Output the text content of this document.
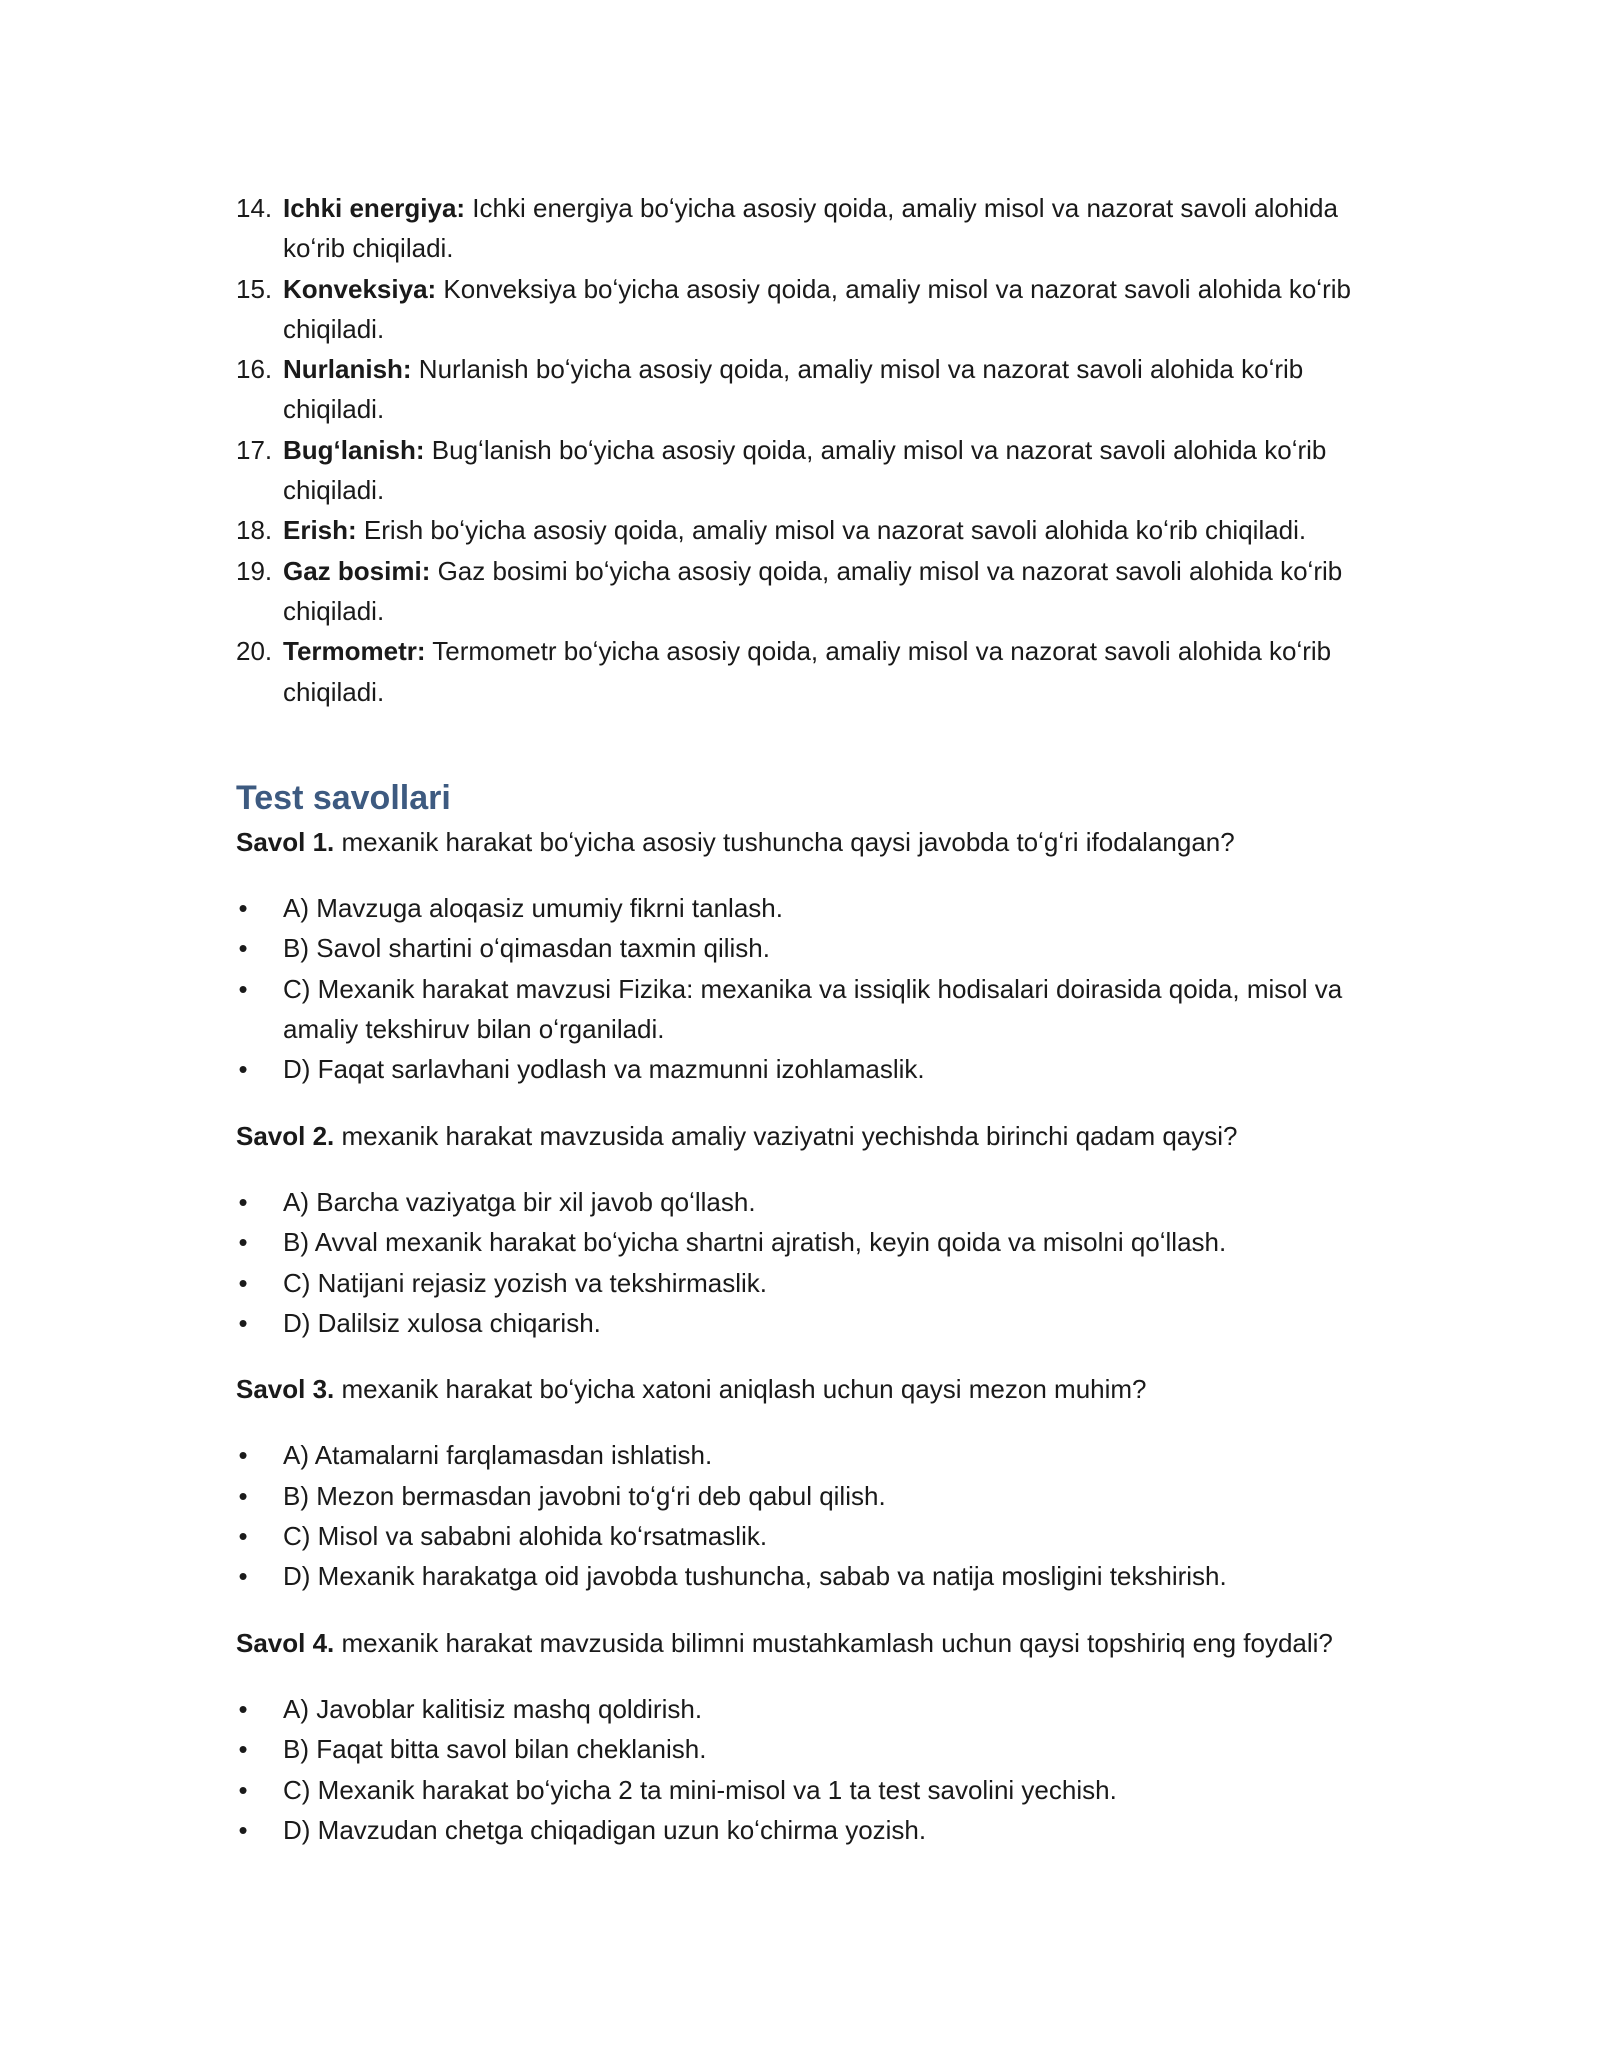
14. Ichki energiya: Ichki energiya boʻyicha asosiy qoida, amaliy misol va nazorat savoli alohida koʻrib chiqiladi.
15. Konveksiya: Konveksiya boʻyicha asosiy qoida, amaliy misol va nazorat savoli alohida koʻrib chiqiladi.
16. Nurlanish: Nurlanish boʻyicha asosiy qoida, amaliy misol va nazorat savoli alohida koʻrib chiqiladi.
17. Bugʻlanish: Bugʻlanish boʻyicha asosiy qoida, amaliy misol va nazorat savoli alohida koʻrib chiqiladi.
18. Erish: Erish boʻyicha asosiy qoida, amaliy misol va nazorat savoli alohida koʻrib chiqiladi.
19. Gaz bosimi: Gaz bosimi boʻyicha asosiy qoida, amaliy misol va nazorat savoli alohida koʻrib chiqiladi.
20. Termometr: Termometr boʻyicha asosiy qoida, amaliy misol va nazorat savoli alohida koʻrib chiqiladi.
Test savollari

Savol 1. mexanik harakat boʻyicha asosiy tushuncha qaysi javobda toʻgʻri ifodalangan?

• A) Mavzuga aloqasiz umumiy fikrni tanlash.
• B) Savol shartini oʻqimasdan taxmin qilish.
• C) Mexanik harakat mavzusi Fizika: mexanika va issiqlik hodisalari doirasida qoida, misol va amaliy tekshiruv bilan oʻrganiladi.
• D) Faqat sarlavhani yodlash va mazmunni izohlamaslik.

Savol 2. mexanik harakat mavzusida amaliy vaziyatni yechishda birinchi qadam qaysi?

• A) Barcha vaziyatga bir xil javob qoʻllash.
• B) Avval mexanik harakat boʻyicha shartni ajratish, keyin qoida va misolni qoʻllash.
• C) Natijani rejasiz yozish va tekshirmaslik.
• D) Dalilsiz xulosa chiqarish.

Savol 3. mexanik harakat boʻyicha xatoni aniqlash uchun qaysi mezon muhim?

• A) Atamalarni farqlamasdan ishlatish.
• B) Mezon bermasdan javobni toʻgʻri deb qabul qilish.
• C) Misol va sababni alohida koʻrsatmaslik.
• D) Mexanik harakatga oid javobda tushuncha, sabab va natija mosligini tekshirish.

Savol 4. mexanik harakat mavzusida bilimni mustahkamlash uchun qaysi topshiriq eng foydali?

• A) Javoblar kalitisiz mashq qoldirish.
• B) Faqat bitta savol bilan cheklanish.
• C) Mexanik harakat boʻyicha 2 ta mini-misol va 1 ta test savolini yechish.
• D) Mavzudan chetga chiqadigan uzun koʻchirma yozish.
